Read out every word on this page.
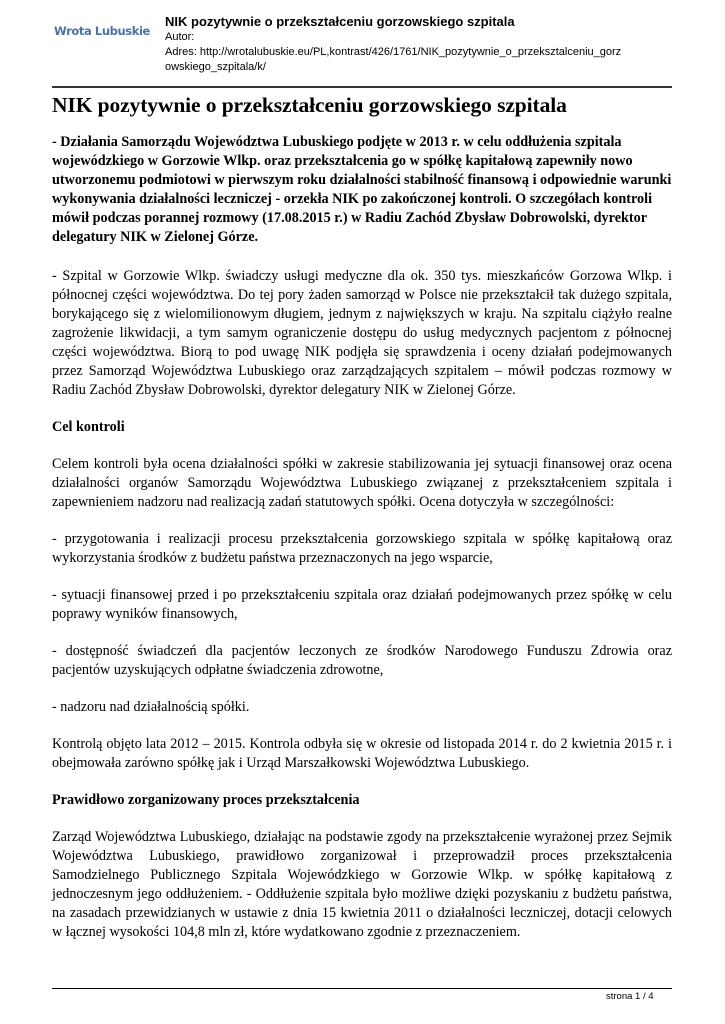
Wrota Lubuskie
NIK pozytywnie o przekształceniu gorzowskiego szpitala
Autor:
Adres: http://wrotalubuskie.eu/PL,kontrast/426/1761/NIK_pozytywnie_o_przeksztalceniu_gorz
owskiego_szpitala/k/
NIK pozytywnie o przekształceniu gorzowskiego szpitala

- Działania Samorządu Województwa Lubuskiego podjęte w 2013 r. w celu oddłużenia szpitala wojewódzkiego w Gorzowie Wlkp. oraz przekształcenia go w spółkę kapitałową zapewniły nowo utworzonemu podmiotowi w pierwszym roku działalności stabilność finansową i odpowiednie warunki wykonywania działalności leczniczej - orzekła NIK po zakończonej kontroli. O szczegółach kontroli mówił podczas porannej rozmowy (17.08.2015 r.) w Radiu Zachód Zbysław Dobrowolski, dyrektor delegatury NIK w Zielonej Górze.

- Szpital w Gorzowie Wlkp. świadczy usługi medyczne dla ok. 350 tys. mieszkańców Gorzowa Wlkp. i północnej części województwa. Do tej pory żaden samorząd w Polsce nie przekształcił tak dużego szpitala, borykającego się z wielomilionowym długiem, jednym z największych w kraju. Na szpitalu ciążyło realne zagrożenie likwidacji, a tym samym ograniczenie dostępu do usług medycznych pacjentom z północnej części województwa. Biorą to pod uwagę NIK podjęła się sprawdzenia i oceny działań podejmowanych przez Samorząd Województwa Lubuskiego oraz zarządzających szpitalem – mówił podczas rozmowy w Radiu Zachód Zbysław Dobrowolski, dyrektor delegatury NIK w Zielonej Górze.

Cel kontroli

Celem kontroli była ocena działalności spółki w zakresie stabilizowania jej sytuacji finansowej oraz ocena działalności organów Samorządu Województwa Lubuskiego związanej z przekształceniem szpitala i zapewnieniem nadzoru nad realizacją zadań statutowych spółki. Ocena dotyczyła w szczególności:

- przygotowania i realizacji procesu przekształcenia gorzowskiego szpitala w spółkę kapitałową oraz wykorzystania środków z budżetu państwa przeznaczonych na jego wsparcie,

- sytuacji finansowej przed i po przekształceniu szpitala oraz działań podejmowanych przez spółkę w celu poprawy wyników finansowych,

- dostępność świadczeń dla pacjentów leczonych ze środków Narodowego Funduszu Zdrowia oraz pacjentów uzyskujących odpłatne świadczenia zdrowotne,

- nadzoru nad działalnością spółki.

Kontrolą objęto lata 2012 – 2015. Kontrola odbyła się w okresie od listopada 2014 r. do 2 kwietnia 2015 r. i obejmowała zarówno spółkę jak i Urząd Marszałkowski Województwa Lubuskiego.

Prawidłowo zorganizowany proces przekształcenia

Zarząd Województwa Lubuskiego, działając na podstawie zgody na przekształcenie wyrażonej przez Sejmik Województwa Lubuskiego, prawidłowo zorganizował i przeprowadził proces przekształcenia Samodzielnego Publicznego Szpitala Wojewódzkiego w Gorzowie Wlkp. w spółkę kapitałową z jednoczesnym jego oddłużeniem. - Oddłużenie szpitala było możliwe dzięki pozyskaniu z budżetu państwa, na zasadach przewidzianych w ustawie z dnia 15 kwietnia 2011 o działalności leczniczej, dotacji celowych w łącznej wysokości 104,8 mln zł, które wydatkowano zgodnie z przeznaczeniem.

strona 1 / 4
